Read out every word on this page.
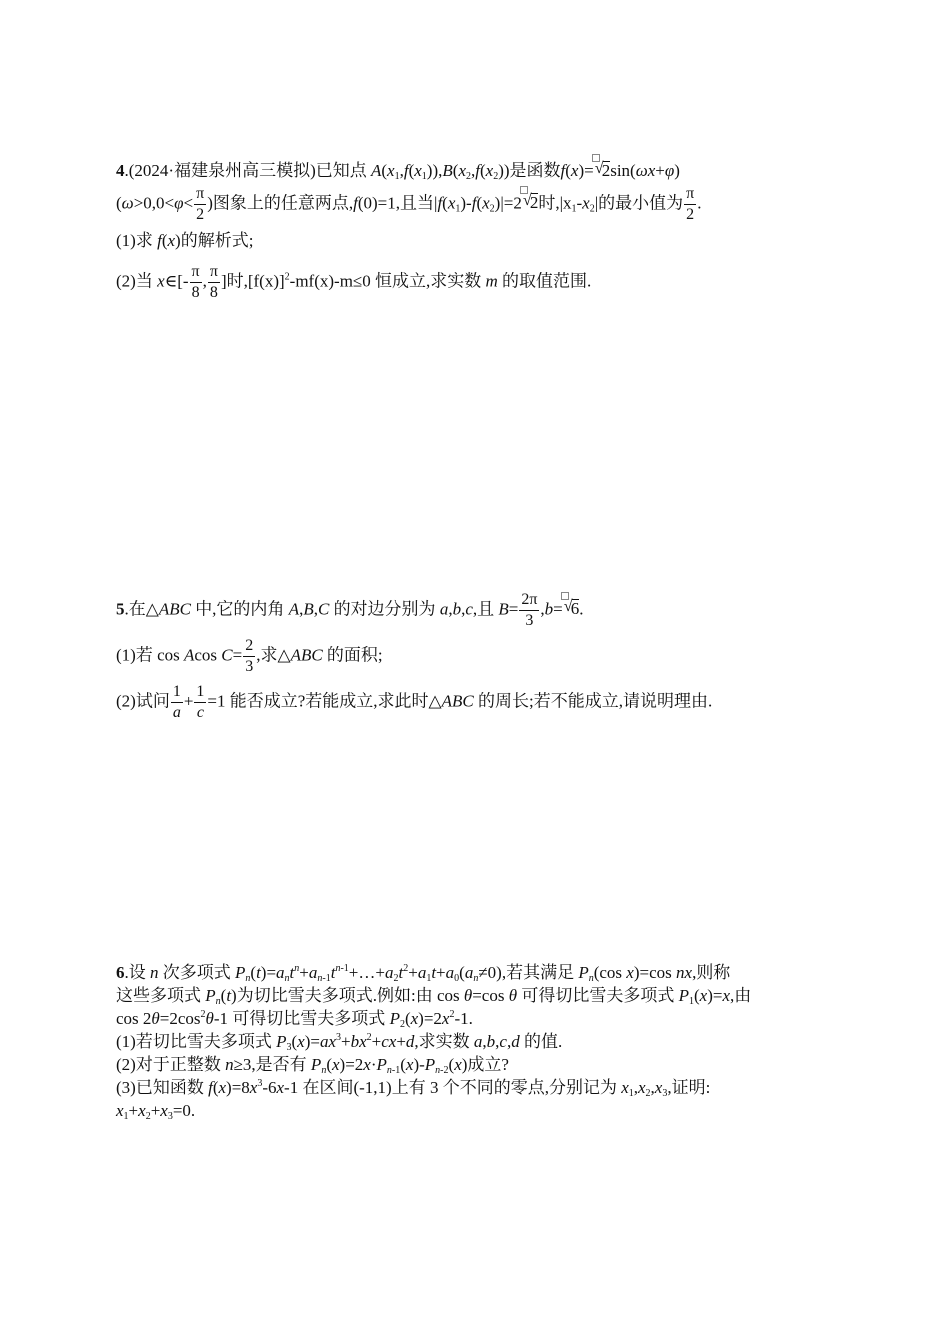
4.(2024·福建泉州高三模拟)已知点 $A(x_1,f(x_1)),B(x_2,f(x_2))$是函数f(x)= √ 2sin(ωx+φ)
($\omega>0,0<\varphi< \frac{\pi}{2}$ )图象上的任意两点,f(0)=1,且当$|f(x_1)-f(x_2)|=2$ √ 2时$,|x_1-x_2|$的最小值为 $\frac{\pi}{2}$ .
(1)求 f(x)的解析式;
(2)当 x∈[- $\frac{\pi}{8}$ , $\frac{\pi}{8}$ ]时$,[f(x)]^2-mf(x)-m\le 0$ 恒成立,求实数 m 的取值范围.
5.在△ABC 中,它的内角 A,B,C 的对边分别为 a,b,c,且 $B= \frac{2\pi}{3} ,b=$ √ 6.
(1)若 cos Acos $C= \frac{2}{3}$ ,求△ABC 的面积;
(2)试问 $\frac{1}{a} + \frac{1}{c} =1$ 能否成立?若能成立,求此时△ABC 的周长;若不能成立,请说明理由.
6.设 n 次多项式 $P_n(t)=a_nt^n+a_{n-1}t^{n-1}+\dots+a_2t^2+a_1t+a_0(a_n\ne 0)$,若其满足 $P_n(\cos$ x)=cos nx,则称
这些多项式 $P_n(t)$为切比雪夫多项式.例如:由 cos θ=cos θ 可得切比雪夫多项式 $P_1(x)=x$,由
$\cos 2\theta=2\cos^2\theta-1$ 可得切比雪夫多项式 $P_2(x)=2x^2-1$.
(1)若切比雪夫多项式 $P_3(x)=ax^3+bx^2+cx+d$,求实数 a,b,c,d 的值.
(2)对于正整数 n≥3,是否有 $P_n(x)=2x\cdot P_{n-1}(x)-P_{n-2}(x)$成立?
(3)已知函数 $f(x)=8x^3-6x-1$ 在区间(-1,1)上有 3 个不同的零点,分别记为 $x_1,x_2,x_3$,证明:
$x_1+x_2+x_3=0$.
